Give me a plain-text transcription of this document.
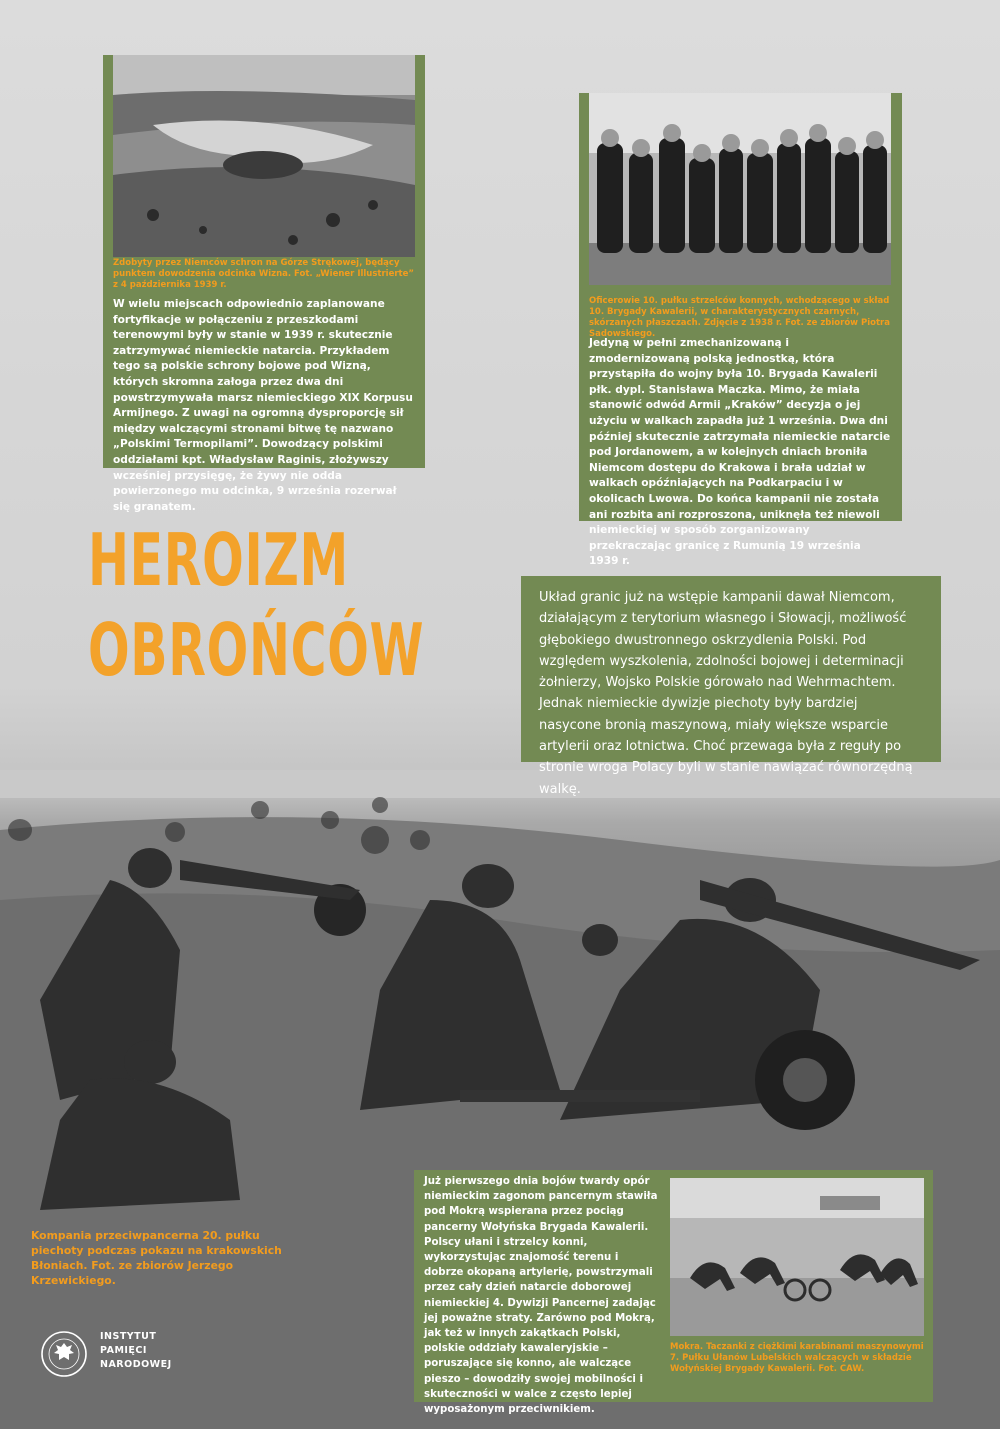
HEROIZM
OBROŃCÓW
Zdobyty przez Niemców schron na Górze Strękowej, będący punktem dowodzenia odcinka Wizna. Fot. „Wiener Illustrierte” z 4 października 1939 r.
W wielu miejscach odpowiednio zaplanowane fortyfikacje w połączeniu z przeszkodami terenowymi były w stanie w 1939 r. skutecznie zatrzymywać niemieckie natarcia. Przykładem tego są polskie schrony bojowe pod Wizną, których skromna załoga przez dwa dni powstrzymywała marsz niemieckiego XIX Korpusu Armijnego. Z uwagi na ogromną dysproporcję sił między walczącymi stronami bitwę tę nazwano „Polskimi Termopilami”. Dowodzący polskimi oddziałami kpt. Władysław Raginis, złożywszy wcześniej przysięgę, że żywy nie odda powierzonego mu odcinka, 9 września rozerwał się granatem.
Oficerowie 10. pułku strzelców konnych, wchodzącego w skład 10. Brygady Kawalerii, w charakterystycznych czarnych, skórzanych płaszczach. Zdjęcie z 1938 r. Fot. ze zbiorów Piotra Sadowskiego.
Jedyną w pełni zmechanizowaną i zmodernizowaną polską jednostką, która przystąpiła do wojny była 10. Brygada Kawalerii płk. dypl. Stanisława Maczka. Mimo, że miała stanowić odwód Armii „Kraków” decyzja o jej użyciu w walkach zapadła już 1 września. Dwa dni później skutecznie zatrzymała niemieckie natarcie pod Jordanowem, a w kolejnych dniach broniła Niemcom dostępu do Krakowa i brała udział w walkach opóźniających na Podkarpaciu i w okolicach Lwowa. Do końca kampanii nie została ani rozbita ani rozproszona, uniknęła też niewoli niemieckiej w sposób zorganizowany przekraczając granicę z Rumunią 19 września 1939 r.
Układ granic już na wstępie kampanii dawał Niemcom, działającym z terytorium własnego i Słowacji, możliwość głębokiego dwustronnego oskrzydlenia Polski. Pod względem wyszkolenia, zdolności bojowej i determinacji żołnierzy, Wojsko Polskie górowało nad Wehrmachtem. Jednak niemieckie dywizje piechoty były bardziej nasycone bronią maszynową, miały większe wsparcie artylerii oraz lotnictwa. Choć przewaga była z reguły po stronie wroga Polacy byli w stanie nawiązać równorzędną walkę.
Kompania przeciwpancerna 20. pułku piechoty podczas pokazu na krakowskich Błoniach. Fot. ze zbiorów Jerzego Krzewickiego.
Już pierwszego dnia bojów twardy opór niemieckim zagonom pancernym stawiła pod Mokrą wspierana przez pociąg pancerny Wołyńska Brygada Kawalerii. Polscy ułani i strzelcy konni, wykorzystując znajomość terenu i dobrze okopaną artylerię, powstrzymali przez cały dzień natarcie doborowej niemieckiej 4. Dywizji Pancernej zadając jej poważne straty. Zarówno pod Mokrą, jak też w innych zakątkach Polski, polskie oddziały kawaleryjskie – poruszające się konno, ale walczące pieszo – dowodziły swojej mobilności i skuteczności w walce z często lepiej wyposażonym przeciwnikiem.
Mokra. Taczanki z ciężkimi karabinami maszynowymi 7. Pułku Ułanów Lubelskich walczących w składzie Wołyńskiej Brygady Kawalerii. Fot. CAW.
INSTYTUT
PAMIĘCI
NARODOWEJ
